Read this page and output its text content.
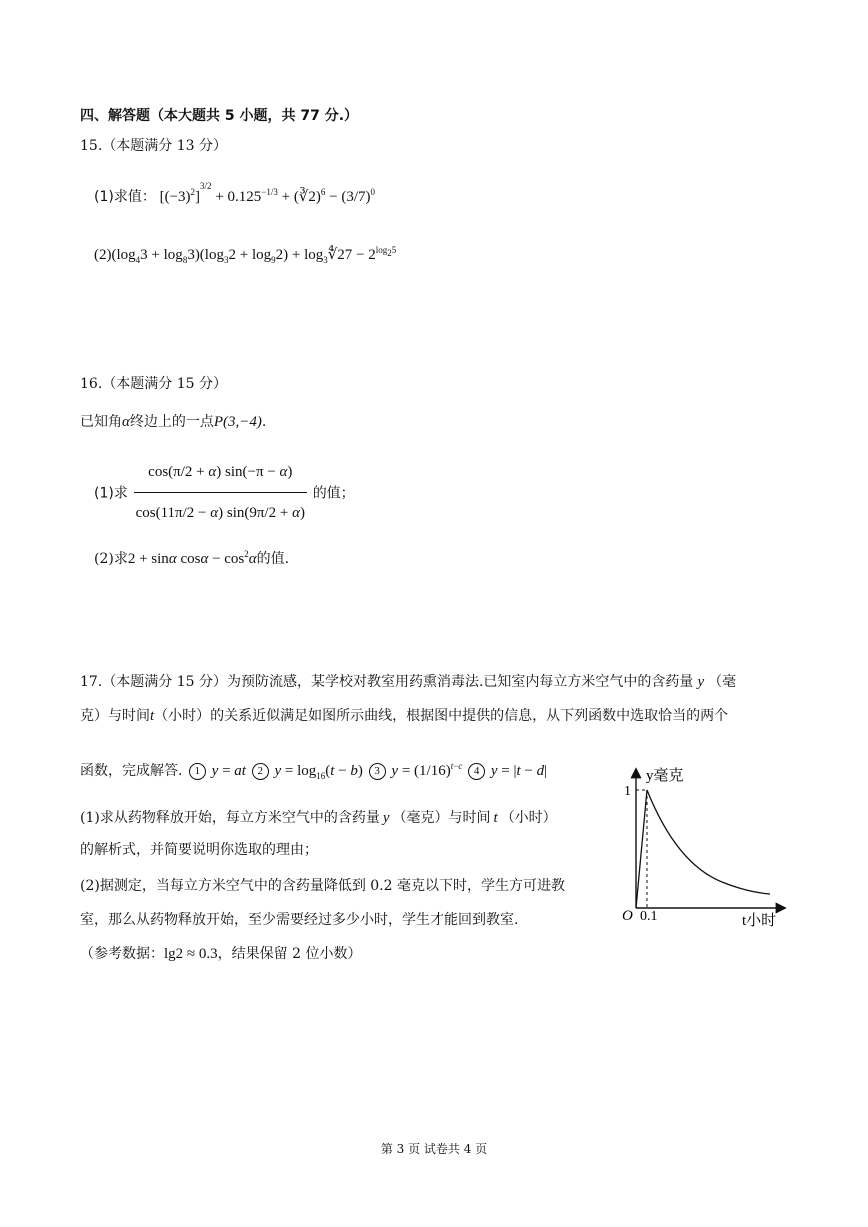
四、解答题（本大题共 5 小题，共 77 分.）
15.（本题满分 13 分）
(1)求值： $[(-3)^2]^{3/2} + 0.125^{-1/3}$ + (∛2)$^6$ − $(3/7)^0$
$(2)(\log_43 + \log_83)(\log_32 + \log_92)$ + $\log_3∜27 - 2^{log_25}$
16.（本题满分 15 分）
已知角α终边上的一点P(3,−4).
(1)求 $\frac{\cos(\pi/2 + \alpha) \sin(-\pi - \alpha)}{\cos(11\pi/2 - \alpha) \sin(9\pi/2 + \alpha)}$ 的值；
(2)求2 + sinα $\cos\alpha - \cos^2\alpha$的值.
17.（本题满分 15 分）为预防流感，某学校对教室用药熏消毒法.已知室内每立方米空气中的含药量 y （毫
克）与时间t（小时）的关系近似满足如图所示曲线，根据图中提供的信息，从下列函数中选取恰当的两个
函数，完成解答. 1 y = at 2 $y = \log_{16}(t - b)$ 3 $y = (1/16)^{t-c}$ 4 y = |t − d|
(1)求从药物释放开始，每立方米空气中的含药量 y （毫克）与时间 t （小时）
的解析式，并简要说明你选取的理由；
(2)据测定，当每立方米空气中的含药量降低到 0.2 毫克以下时，学生方可进教
室，那么从药物释放开始，至少需要经过多少小时，学生才能回到教室.
（参考数据：lg2 ≈ 0.3，结果保留 2 位小数）
y毫克
1
O 0.1	t小时
第 3 页 试卷共 4 页
